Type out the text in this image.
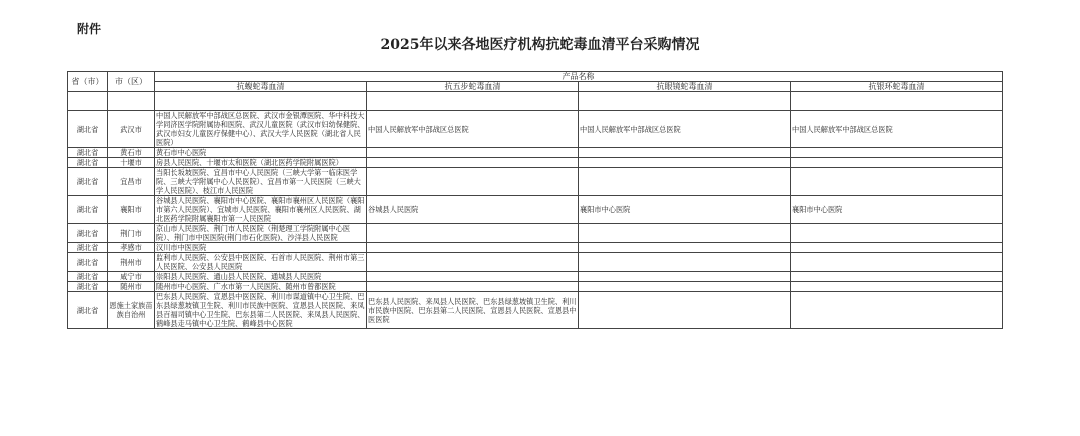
附件
2025年以来各地医疗机构抗蛇毒血清平台采购情况
省（市）	市（区）	产品名称			
		抗蝮蛇毒血清	抗五步蛇毒血清	抗眼镜蛇毒血清	抗银环蛇毒血清

湖北省	武汉市	中国人民解放军中部战区总医院、武汉市金银潭医院、华中科技大学同济医学院附属协和医院、武汉儿童医院（武汉市妇幼保健院、武汉市妇女儿童医疗保健中心）、武汉大学人民医院（湖北省人民医院）	中国人民解放军中部战区总医院	中国人民解放军中部战区总医院	中国人民解放军中部战区总医院
湖北省	黄石市	黄石市中心医院			
湖北省	十堰市	房县人民医院、十堰市太和医院（湖北医药学院附属医院）			
湖北省	宜昌市	当阳长坂坡医院、宜昌市中心人民医院（三峡大学第一临床医学院、三峡大学附属中心人民医院）、宜昌市第一人民医院（三峡大学人民医院）、枝江市人民医院			
湖北省	襄阳市	谷城县人民医院、襄阳市中心医院、襄阳市襄州区人民医院（襄阳市第六人民医院）、宜城市人民医院、襄阳市襄州区人民医院、湖北医药学院附属襄阳市第一人民医院	谷城县人民医院	襄阳市中心医院	襄阳市中心医院
湖北省	荆门市	京山市人民医院、荆门市人民医院（荆楚理工学院附属中心医院）、荆门市中医医院(荆门市石化医院)、沙洋县人民医院			
湖北省	孝感市	汉川市中医医院			
湖北省	荆州市	监利市人民医院、公安县中医医院、石首市人民医院、荆州市第三人民医院、公安县人民医院			
湖北省	咸宁市	崇阳县人民医院、通山县人民医院、通城县人民医院			
湖北省	随州市	随州市中心医院、广水市第一人民医院、随州市曾都医院			
湖北省	恩施土家族苗族自治州	巴东县人民医院、宣恩县中医医院、利川市谋道镇中心卫生院、巴东县绿葱坡镇卫生院、利川市民族中医院、宣恩县人民医院、来凤县百福司镇中心卫生院、巴东县第二人民医院、来凤县人民医院、鹤峰县走马镇中心卫生院、鹤峰县中心医院	巴东县人民医院、来凤县人民医院、巴东县绿葱坡镇卫生院、利川市民族中医院、巴东县第二人民医院、宣恩县人民医院、宣恩县中医医院		
